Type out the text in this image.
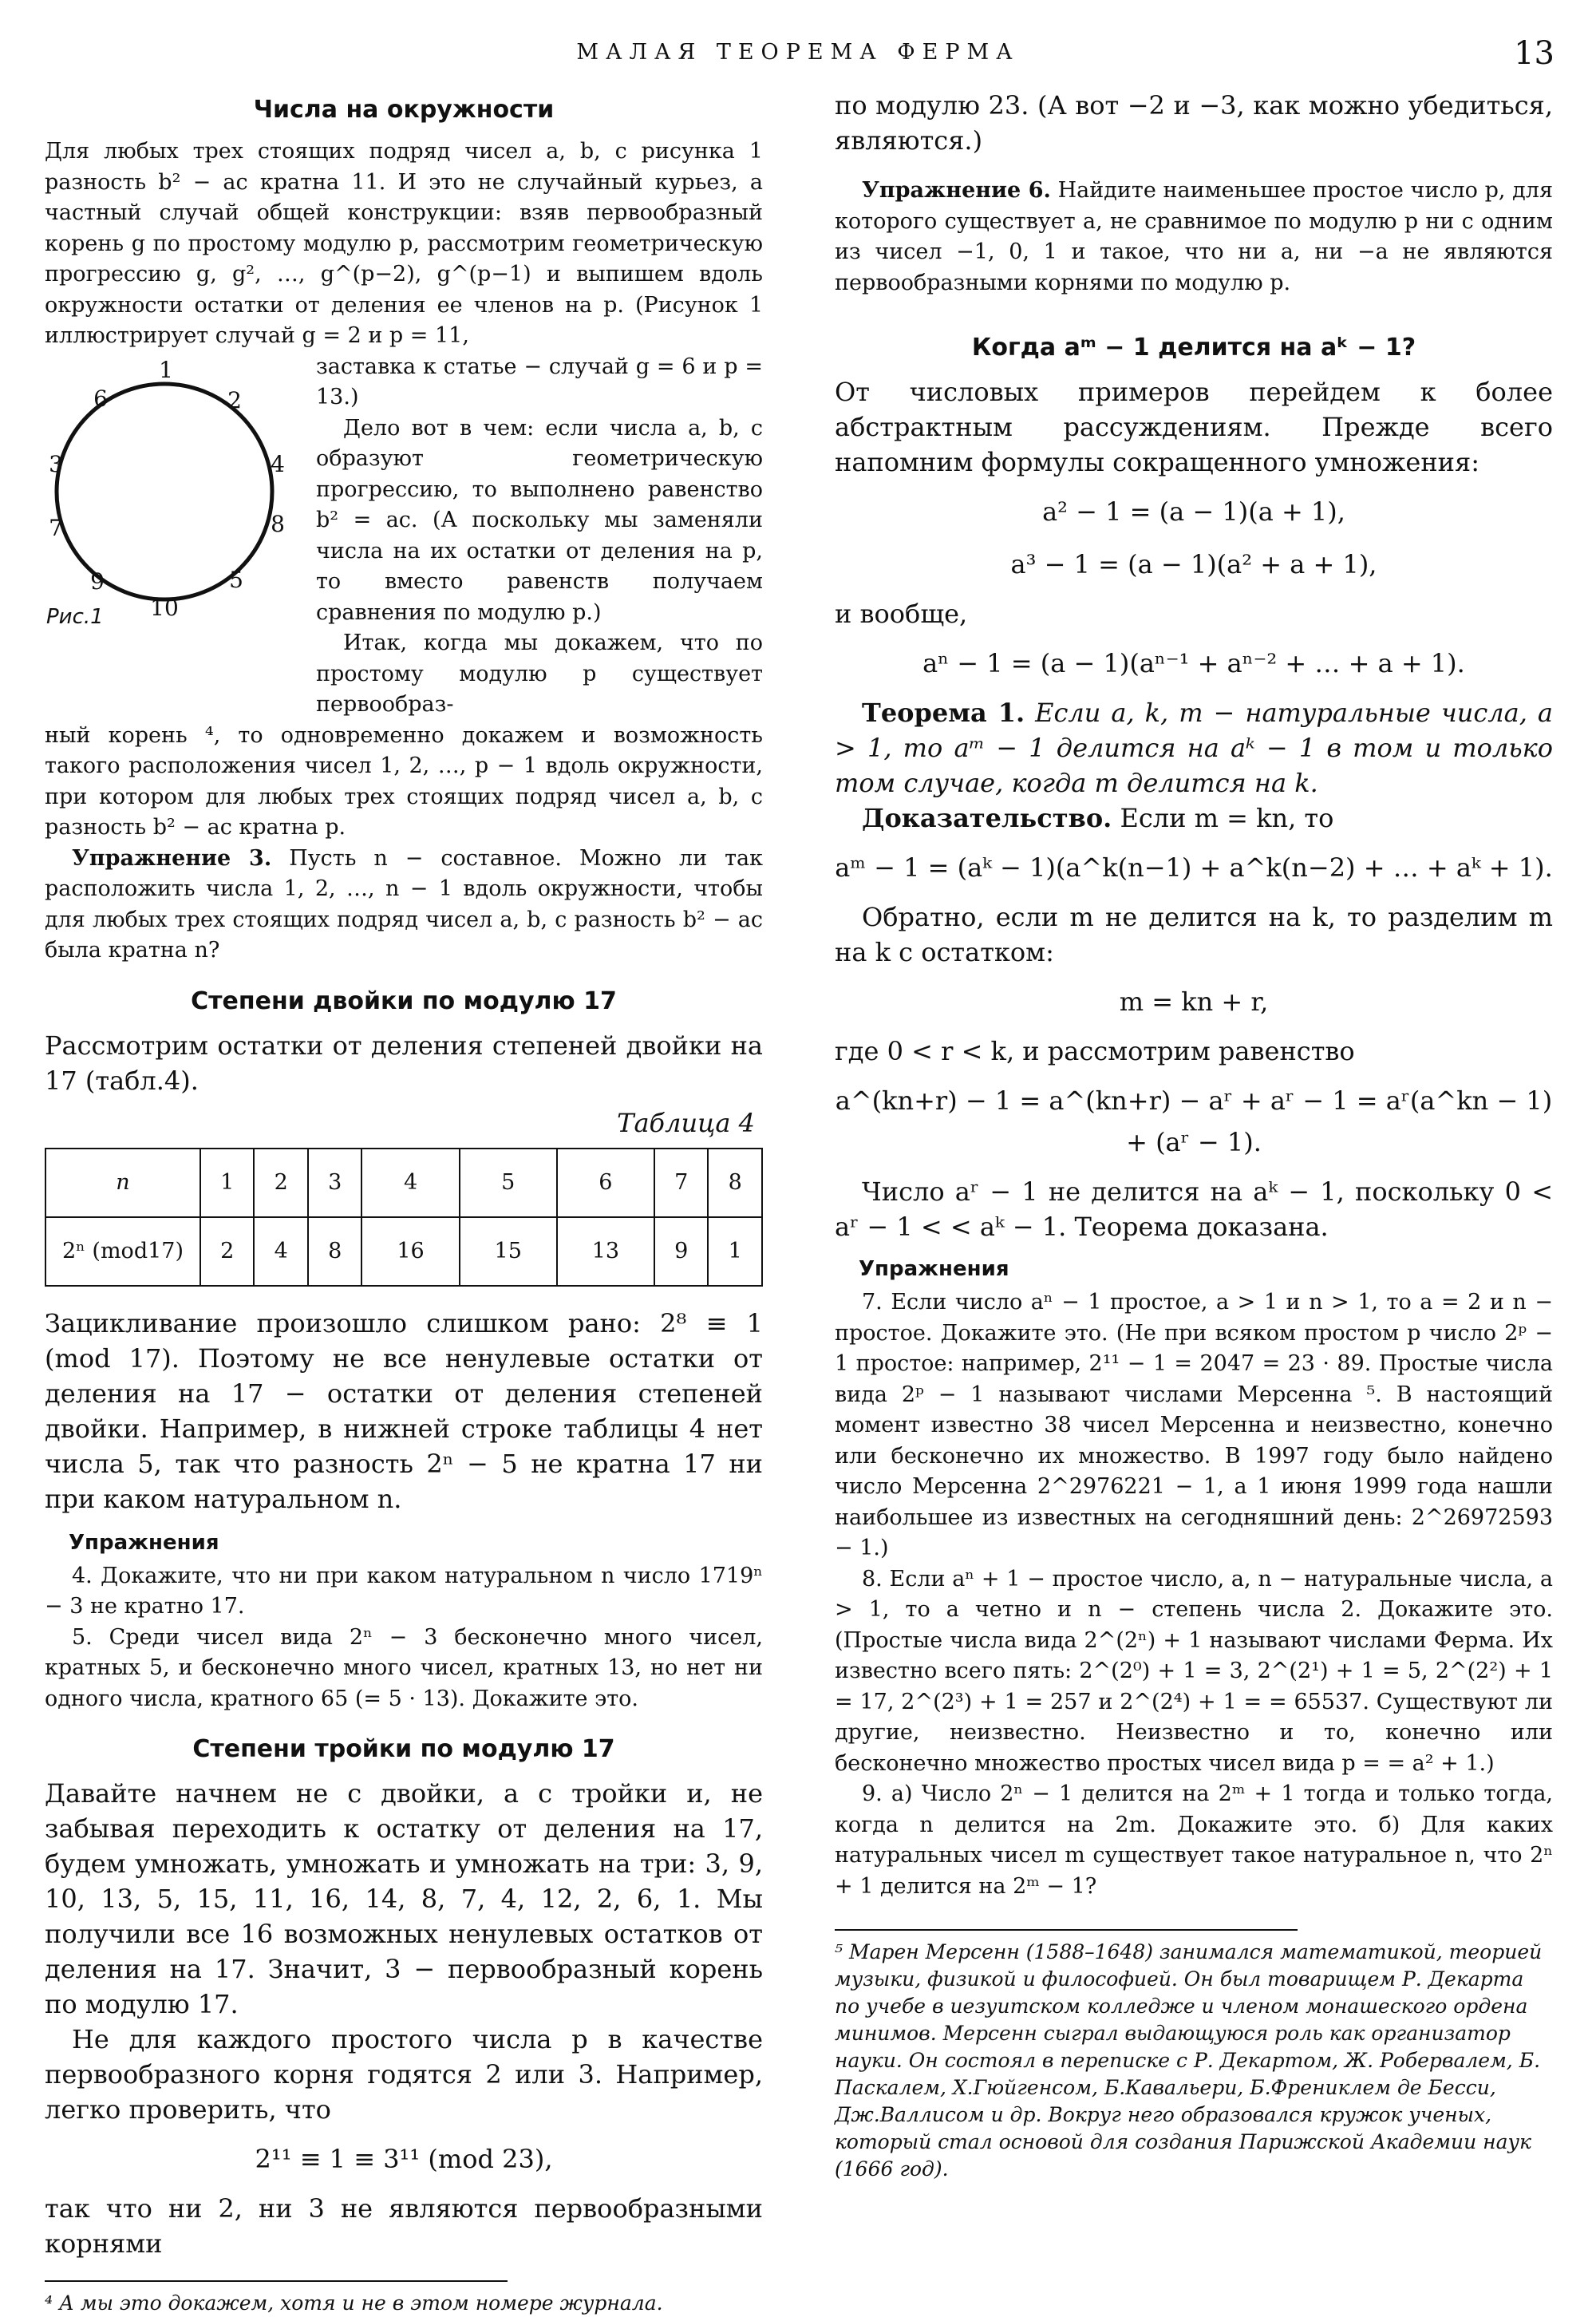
МАЛАЯ ТЕОРЕМА ФЕРМА	13
Числа на окружности

Для любых трех стоящих подряд чисел a, b, c рисунка 1 разность b² − ac кратна 11. И это не случайный курьез, а частный случай общей конструкции: взяв первообразный корень g по простому модулю p, рассмотрим геометрическую прогрессию g, g², …, g^(p−2), g^(p−1) и выпишем вдоль окружности остатки от деления ее членов на p. (Рисунок 1 иллюстрирует случай g = 2 и p = 11,

1
2
4
8
5
10
9
7
3
6
Рис.1

заставка к статье − случай g = 6 и p = 13.)

Дело вот в чем: если числа a, b, c образуют геометрическую прогрессию, то выполнено равенство b² = ac. (А поскольку мы заменяли числа на их остатки от деления на p, то вместо равенств получаем сравнения по модулю p.)

Итак, когда мы докажем, что по простому модулю p существует первообраз-

ный корень ⁴, то одновременно докажем и возможность такого расположения чисел 1, 2, …, p − 1 вдоль окружности, при котором для любых трех стоящих подряд чисел a, b, c разность b² − ac кратна p.

Упражнение 3. Пусть n − составное. Можно ли так расположить числа 1, 2, …, n − 1 вдоль окружности, чтобы для любых трех стоящих подряд чисел a, b, c разность b² − ac была кратна n?

Степени двойки по модулю 17

Рассмотрим остатки от деления степеней двойки на 17 (табл.4).

Таблица 4
n	1	2	3	4	5	6	7	8
2ⁿ (mod17)	2	4	8	16	15	13	9	1

Зацикливание произошло слишком рано: 2⁸ ≡ 1 (mod 17). Поэтому не все ненулевые остатки от деления на 17 − остатки от деления степеней двойки. Например, в нижней строке таблицы 4 нет числа 5, так что разность 2ⁿ − 5 не кратна 17 ни при каком натуральном n.

Упражнения

4. Докажите, что ни при каком натуральном n число 1719ⁿ − 3 не кратно 17.

5. Среди чисел вида 2ⁿ − 3 бесконечно много чисел, кратных 5, и бесконечно много чисел, кратных 13, но нет ни одного числа, кратного 65 (= 5 · 13). Докажите это.

Степени тройки по модулю 17

Давайте начнем не с двойки, а с тройки и, не забывая переходить к остатку от деления на 17, будем умножать, умножать и умножать на три: 3, 9, 10, 13, 5, 15, 11, 16, 14, 8, 7, 4, 12, 2, 6, 1. Мы получили все 16 возможных ненулевых остатков от деления на 17. Значит, 3 − первообразный корень по модулю 17.

Не для каждого простого числа p в качестве первообразного корня годятся 2 или 3. Например, легко проверить, что

2¹¹ ≡ 1 ≡ 3¹¹ (mod 23),

так что ни 2, ни 3 не являются первообразными корнями

⁴ А мы это докажем, хотя и не в этом номере журнала.

по модулю 23. (А вот −2 и −3, как можно убедиться, являются.)

Упражнение 6. Найдите наименьшее простое число p, для которого существует a, не сравнимое по модулю p ни с одним из чисел −1, 0, 1 и такое, что ни a, ни −a не являются первообразными корнями по модулю p.

Когда aᵐ − 1 делится на aᵏ − 1?

От числовых примеров перейдем к более абстрактным рассуждениям. Прежде всего напомним формулы сокращенного умножения:

a² − 1 = (a − 1)(a + 1),
a³ − 1 = (a − 1)(a² + a + 1),

и вообще,

aⁿ − 1 = (a − 1)(aⁿ⁻¹ + aⁿ⁻² + … + a + 1).

Теорема 1. Если a, k, m − натуральные числа, a > 1, то aᵐ − 1 делится на aᵏ − 1 в том и только том случае, когда m делится на k.

Доказательство. Если m = kn, то

aᵐ − 1 = (aᵏ − 1)(a^k(n−1) + a^k(n−2) + … + aᵏ + 1).

Обратно, если m не делится на k, то разделим m на k с остатком:

m = kn + r,

где 0 < r < k, и рассмотрим равенство

a^(kn+r) − 1 = a^(kn+r) − aʳ + aʳ − 1 = aʳ(a^kn − 1) + (aʳ − 1).

Число aʳ − 1 не делится на aᵏ − 1, поскольку 0 < aʳ − 1 < < aᵏ − 1. Теорема доказана.

Упражнения

7. Если число aⁿ − 1 простое, a > 1 и n > 1, то a = 2 и n − простое. Докажите это. (Не при всяком простом p число 2ᵖ − 1 простое: например, 2¹¹ − 1 = 2047 = 23 · 89. Простые числа вида 2ᵖ − 1 называют числами Мерсенна ⁵. В настоящий момент известно 38 чисел Мерсенна и неизвестно, конечно или бесконечно их множество. В 1997 году было найдено число Мерсенна 2^2976221 − 1, а 1 июня 1999 года нашли наибольшее из известных на сегодняшний день: 2^26972593 − 1.)

8. Если aⁿ + 1 − простое число, a, n − натуральные числа, a > 1, то a четно и n − степень числа 2. Докажите это. (Простые числа вида 2^(2ⁿ) + 1 называют числами Ферма. Их известно всего пять: 2^(2⁰) + 1 = 3, 2^(2¹) + 1 = 5, 2^(2²) + 1 = 17, 2^(2³) + 1 = 257 и 2^(2⁴) + 1 = = 65537. Существуют ли другие, неизвестно. Неизвестно и то, конечно или бесконечно множество простых чисел вида p = = a² + 1.)

9. а) Число 2ⁿ − 1 делится на 2ᵐ + 1 тогда и только тогда, когда n делится на 2m. Докажите это. б) Для каких натуральных чисел m существует такое натуральное n, что 2ⁿ + 1 делится на 2ᵐ − 1?

⁵ Марен Мерсенн (1588–1648) занимался математикой, теорией музыки, физикой и философией. Он был товарищем Р. Декарта по учебе в иезуитском колледже и членом монашеского ордена минимов. Мерсенн сыграл выдающуюся роль как организатор науки. Он состоял в переписке с Р. Декартом, Ж. Робервалем, Б. Паскалем, Х.Гюйгенсом, Б.Кавальери, Б.Френиклем де Бесси, Дж.Валлисом и др. Вокруг него образовался кружок ученых, который стал основой для создания Парижской Академии наук (1666 год).
